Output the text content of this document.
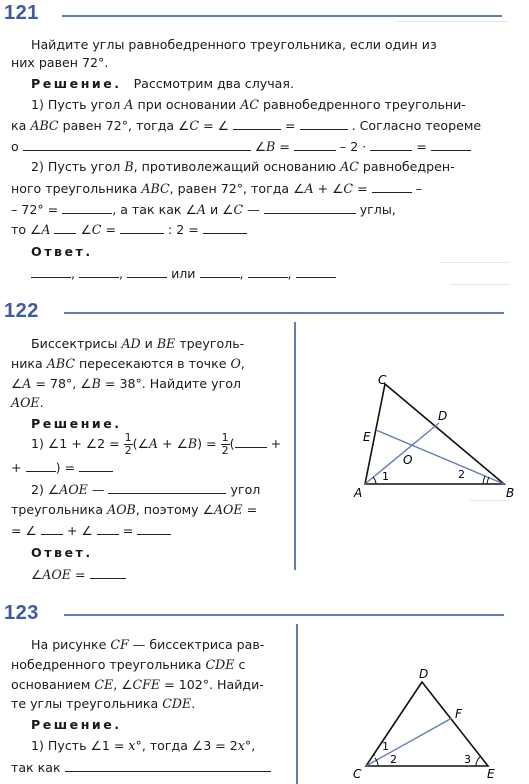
121
Найдите углы равнобедренного треугольника, если один из
них равен 72°.
Решение. Рассмотрим два случая.
1) Пусть угол A при основании AC равнобедренного треугольни-
ка ABC равен 72°, тогда ∠C = ∠	=	. Согласно теореме
о	∠B =	– 2 ·	=
2) Пусть угол B, противолежащий основанию AC равнобедрен-
ного треугольника ABC, равен 72°, тогда ∠A + ∠C =	–
– 72° =	, а так как ∠A и ∠C —	углы,
то ∠A ∠C =	: 2 =
Ответ.
,	,	или	,	,
122
Биссектрисы AD и BE треуголь-
ника ABC пересекаются в точке O,
∠A = 78°, ∠B = 38°. Найдите угол
AOE.
Решение.
1) ∠1 + ∠2 = $\frac{1}{2}$ (∠A + ∠B) = $\frac{1}{2}$ (	+
+	) =
2) ∠AOE —	угол
треугольника AOB, поэтому ∠AOE =
= ∠ + ∠ =
Ответ.
∠AOE =
C
D
E
O
A	B
1	2
123
На рисунке CF — биссектриса рав-
нобедренного треугольника CDE с
основанием CE, ∠CFE = 102°. Найди-
те углы треугольника CDE.
Решение.
1) Пусть ∠1 = x°, тогда ∠3 = 2x°,
так как
D
F
C	E
1
2	3
